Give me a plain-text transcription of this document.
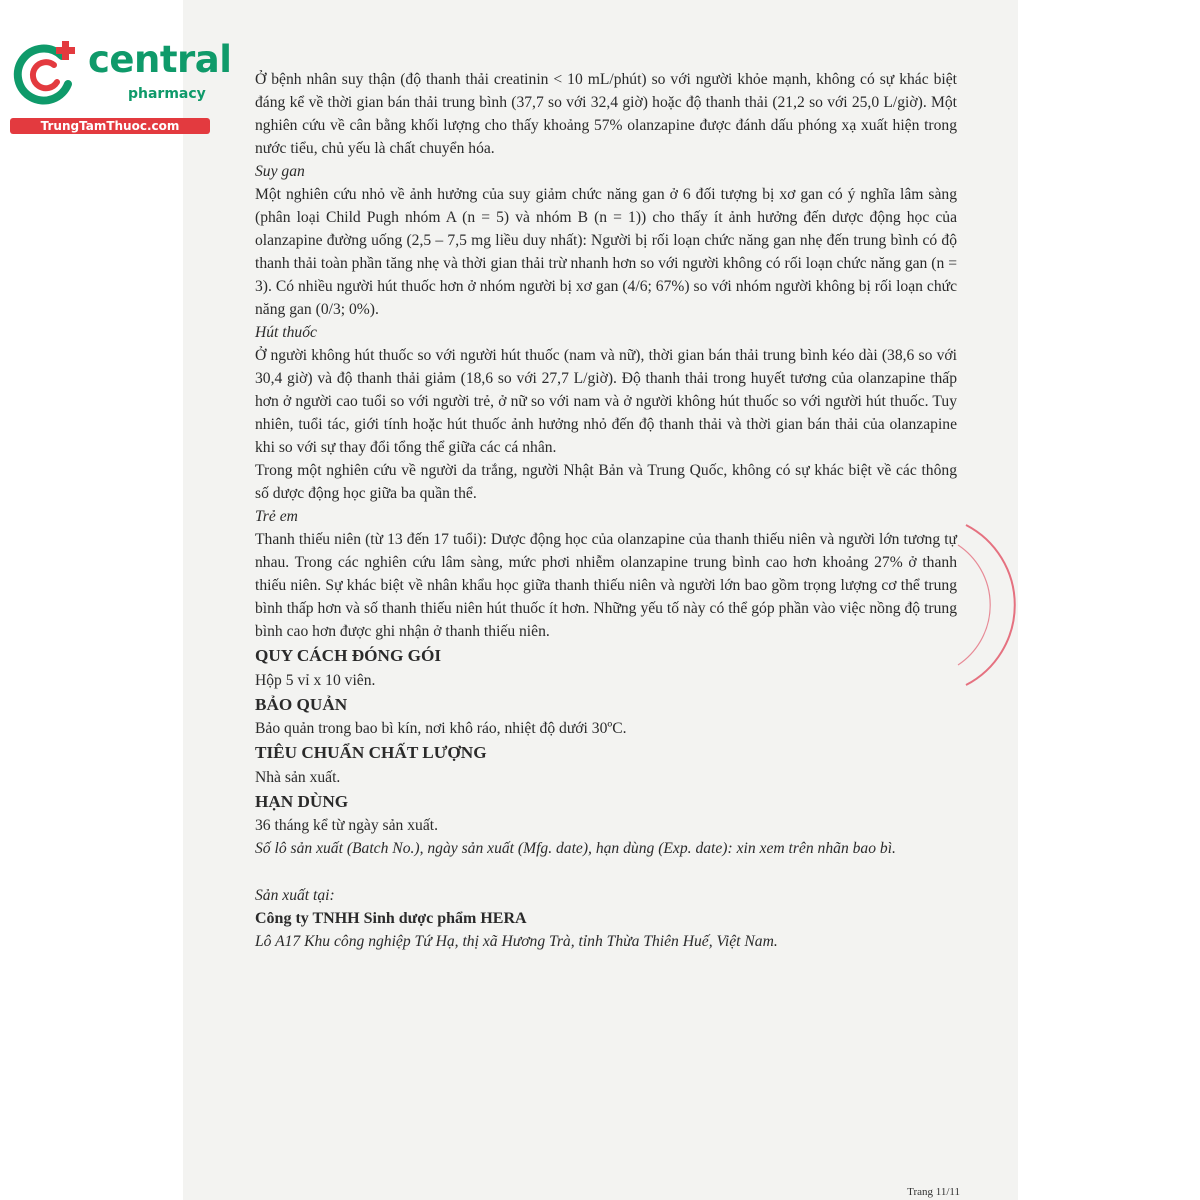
central
pharmacy
TrungTamThuoc.com

Ở bệnh nhân suy thận (độ thanh thải creatinin < 10 mL/phút) so với người khỏe mạnh, không có sự khác biệt đáng kể về thời gian bán thải trung bình (37,7 so với 32,4 giờ) hoặc độ thanh thải (21,2 so với 25,0 L/giờ). Một nghiên cứu về cân bằng khối lượng cho thấy khoảng 57% olanzapine được đánh dấu phóng xạ xuất hiện trong nước tiểu, chủ yếu là chất chuyển hóa.

Suy gan

Một nghiên cứu nhỏ về ảnh hưởng của suy giảm chức năng gan ở 6 đối tượng bị xơ gan có ý nghĩa lâm sàng (phân loại Child Pugh nhóm A (n = 5) và nhóm B (n = 1)) cho thấy ít ảnh hưởng đến dược động học của olanzapine đường uống (2,5 – 7,5 mg liều duy nhất): Người bị rối loạn chức năng gan nhẹ đến trung bình có độ thanh thải toàn phần tăng nhẹ và thời gian thải trừ nhanh hơn so với người không có rối loạn chức năng gan (n = 3). Có nhiều người hút thuốc hơn ở nhóm người bị xơ gan (4/6; 67%) so với nhóm người không bị rối loạn chức năng gan (0/3; 0%).

Hút thuốc

Ở người không hút thuốc so với người hút thuốc (nam và nữ), thời gian bán thải trung bình kéo dài (38,6 so với 30,4 giờ) và độ thanh thải giảm (18,6 so với 27,7 L/giờ). Độ thanh thải trong huyết tương của olanzapine thấp hơn ở người cao tuổi so với người trẻ, ở nữ so với nam và ở người không hút thuốc so với người hút thuốc. Tuy nhiên, tuổi tác, giới tính hoặc hút thuốc ảnh hưởng nhỏ đến độ thanh thải và thời gian bán thải của olanzapine khi so với sự thay đổi tổng thể giữa các cá nhân.

Trong một nghiên cứu về người da trắng, người Nhật Bản và Trung Quốc, không có sự khác biệt về các thông số dược động học giữa ba quần thể.

Trẻ em

Thanh thiếu niên (từ 13 đến 17 tuổi): Dược động học của olanzapine của thanh thiếu niên và người lớn tương tự nhau. Trong các nghiên cứu lâm sàng, mức phơi nhiễm olanzapine trung bình cao hơn khoảng 27% ở thanh thiếu niên. Sự khác biệt về nhân khẩu học giữa thanh thiếu niên và người lớn bao gồm trọng lượng cơ thể trung bình thấp hơn và số thanh thiếu niên hút thuốc ít hơn. Những yếu tố này có thể góp phần vào việc nồng độ trung bình cao hơn được ghi nhận ở thanh thiếu niên.

QUY CÁCH ĐÓNG GÓI

Hộp 5 vỉ x 10 viên.

BẢO QUẢN

Bảo quản trong bao bì kín, nơi khô ráo, nhiệt độ dưới 30ºC.

TIÊU CHUẨN CHẤT LƯỢNG

Nhà sản xuất.

HẠN DÙNG

36 tháng kể từ ngày sản xuất.

Số lô sản xuất (Batch No.), ngày sản xuất (Mfg. date), hạn dùng (Exp. date): xin xem trên nhãn bao bì.

Sản xuất tại:

Công ty TNHH Sinh dược phẩm HERA

Lô A17 Khu công nghiệp Tứ Hạ, thị xã Hương Trà, tỉnh Thừa Thiên Huế, Việt Nam.

Trang 11/11
